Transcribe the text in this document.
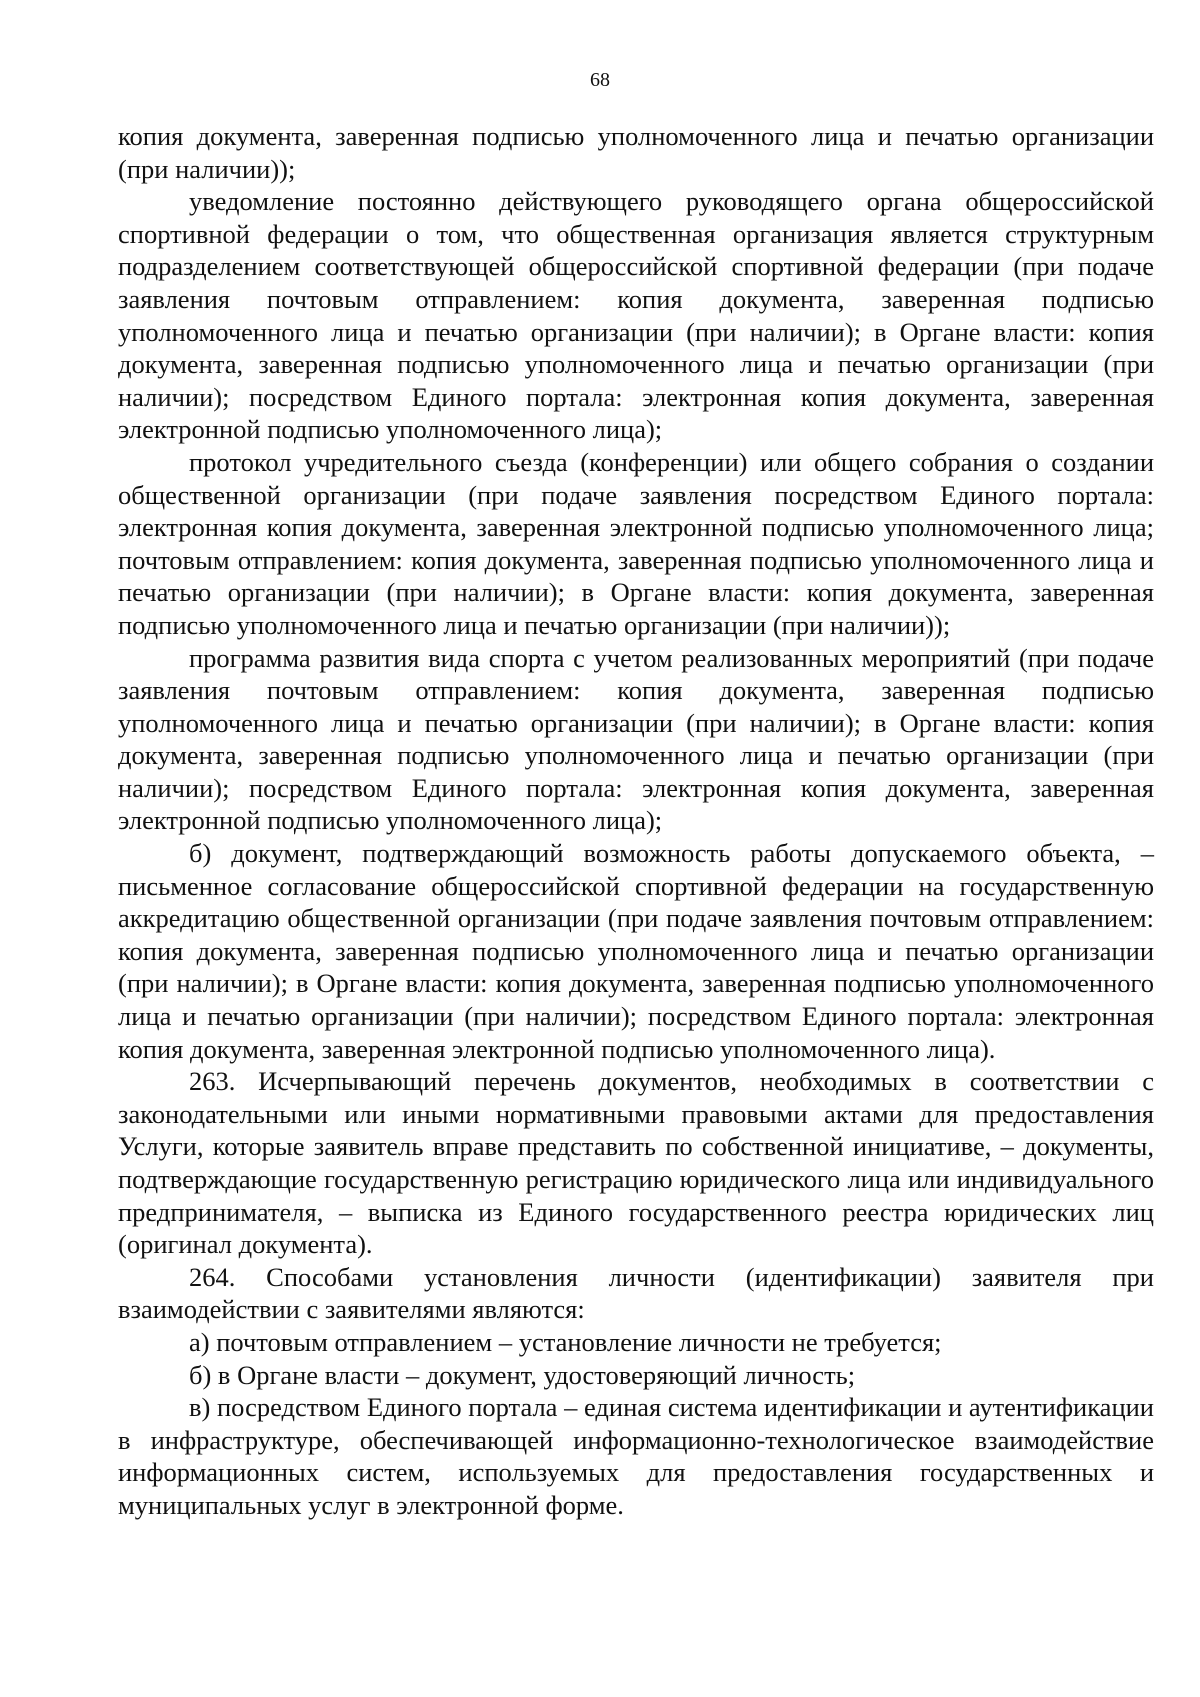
68

копия документа, заверенная подписью уполномоченного лица и печатью организации (при наличии));

уведомление постоянно действующего руководящего органа общероссийской спортивной федерации о том, что общественная организация является структурным подразделением соответствующей общероссийской спортивной федерации (при подаче заявления почтовым отправлением: копия документа, заверенная подписью уполномоченного лица и печатью организации (при наличии); в Органе власти: копия документа, заверенная подписью уполномоченного лица и печатью организации (при наличии); посредством Единого портала: электронная копия документа, заверенная электронной подписью уполномоченного лица);

протокол учредительного съезда (конференции) или общего собрания о создании общественной организации (при подаче заявления посредством Единого портала: электронная копия документа, заверенная электронной подписью уполномоченного лица; почтовым отправлением: копия документа, заверенная подписью уполномоченного лица и печатью организации (при наличии); в Органе власти: копия документа, заверенная подписью уполномоченного лица и печатью организации (при наличии));

программа развития вида спорта с учетом реализованных мероприятий (при подаче заявления почтовым отправлением: копия документа, заверенная подписью уполномоченного лица и печатью организации (при наличии); в Органе власти: копия документа, заверенная подписью уполномоченного лица и печатью организации (при наличии); посредством Единого портала: электронная копия документа, заверенная электронной подписью уполномоченного лица);

б) документ, подтверждающий возможность работы допускаемого объекта, – письменное согласование общероссийской спортивной федерации на государственную аккредитацию общественной организации (при подаче заявления почтовым отправлением: копия документа, заверенная подписью уполномоченного лица и печатью организации (при наличии); в Органе власти: копия документа, заверенная подписью уполномоченного лица и печатью организации (при наличии); посредством Единого портала: электронная копия документа, заверенная электронной подписью уполномоченного лица).

263. Исчерпывающий перечень документов, необходимых в соответствии с законодательными или иными нормативными правовыми актами для предоставления Услуги, которые заявитель вправе представить по собственной инициативе, – документы, подтверждающие государственную регистрацию юридического лица или индивидуального предпринимателя, – выписка из Единого государственного реестра юридических лиц (оригинал документа).

264. Способами установления личности (идентификации) заявителя при взаимодействии с заявителями являются:

а) почтовым отправлением – установление личности не требуется;

б) в Органе власти – документ, удостоверяющий личность;

в) посредством Единого портала – единая система идентификации и аутентификации в инфраструктуре, обеспечивающей информационно-технологическое взаимодействие информационных систем, используемых для предоставления государственных и муниципальных услуг в электронной форме.
